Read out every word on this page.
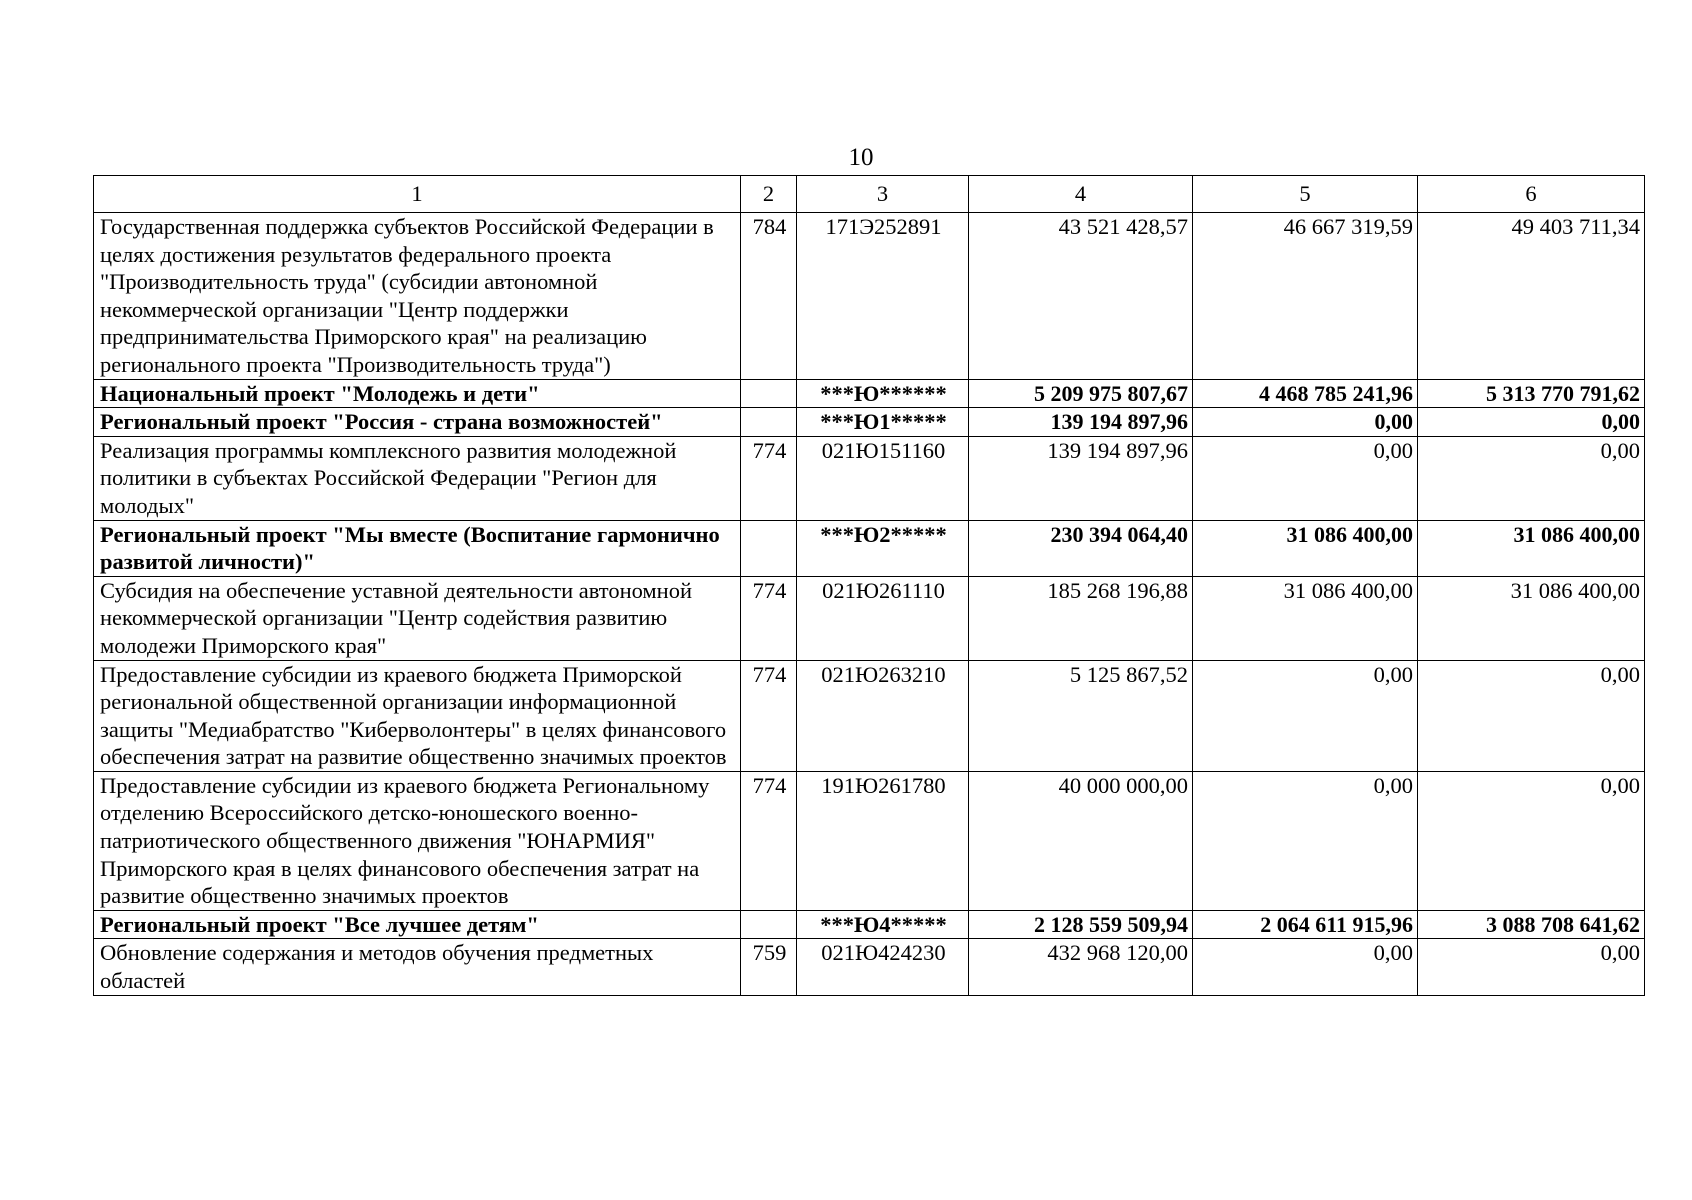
10
1	2	3	4	5	6
Государственная поддержка субъектов Российской Федерации в целях достижения результатов федерального проекта "Производительность труда" (субсидии автономной некоммерческой организации "Центр поддержки предпринимательства Приморского края" на реализацию регионального проекта "Производительность труда")	784	171Э252891	43 521 428,57	46 667 319,59	49 403 711,34
Национальный проект "Молодежь и дети"		***Ю******	5 209 975 807,67	4 468 785 241,96	5 313 770 791,62
Региональный проект "Россия - страна возможностей"		***Ю1*****	139 194 897,96	0,00	0,00
Реализация программы комплексного развития молодежной политики в субъектах Российской Федерации "Регион для молодых"	774	021Ю151160	139 194 897,96	0,00	0,00
Региональный проект "Мы вместе (Воспитание гармонично развитой личности)"		***Ю2*****	230 394 064,40	31 086 400,00	31 086 400,00
Субсидия на обеспечение уставной деятельности автономной некоммерческой организации "Центр содействия развитию молодежи Приморского края"	774	021Ю261110	185 268 196,88	31 086 400,00	31 086 400,00
Предоставление субсидии из краевого бюджета Приморской региональной общественной организации информационной защиты "Медиабратство "Киберволонтеры" в целях финансового обеспечения затрат на развитие общественно значимых проектов	774	021Ю263210	5 125 867,52	0,00	0,00
Предоставление субсидии из краевого бюджета Региональному отделению Всероссийского детско-юношеского военно-патриотического общественного движения "ЮНАРМИЯ" Приморского края в целях финансового обеспечения затрат на развитие общественно значимых проектов	774	191Ю261780	40 000 000,00	0,00	0,00
Региональный проект "Все лучшее детям"		***Ю4*****	2 128 559 509,94	2 064 611 915,96	3 088 708 641,62
Обновление содержания и методов обучения предметных областей	759	021Ю424230	432 968 120,00	0,00	0,00
